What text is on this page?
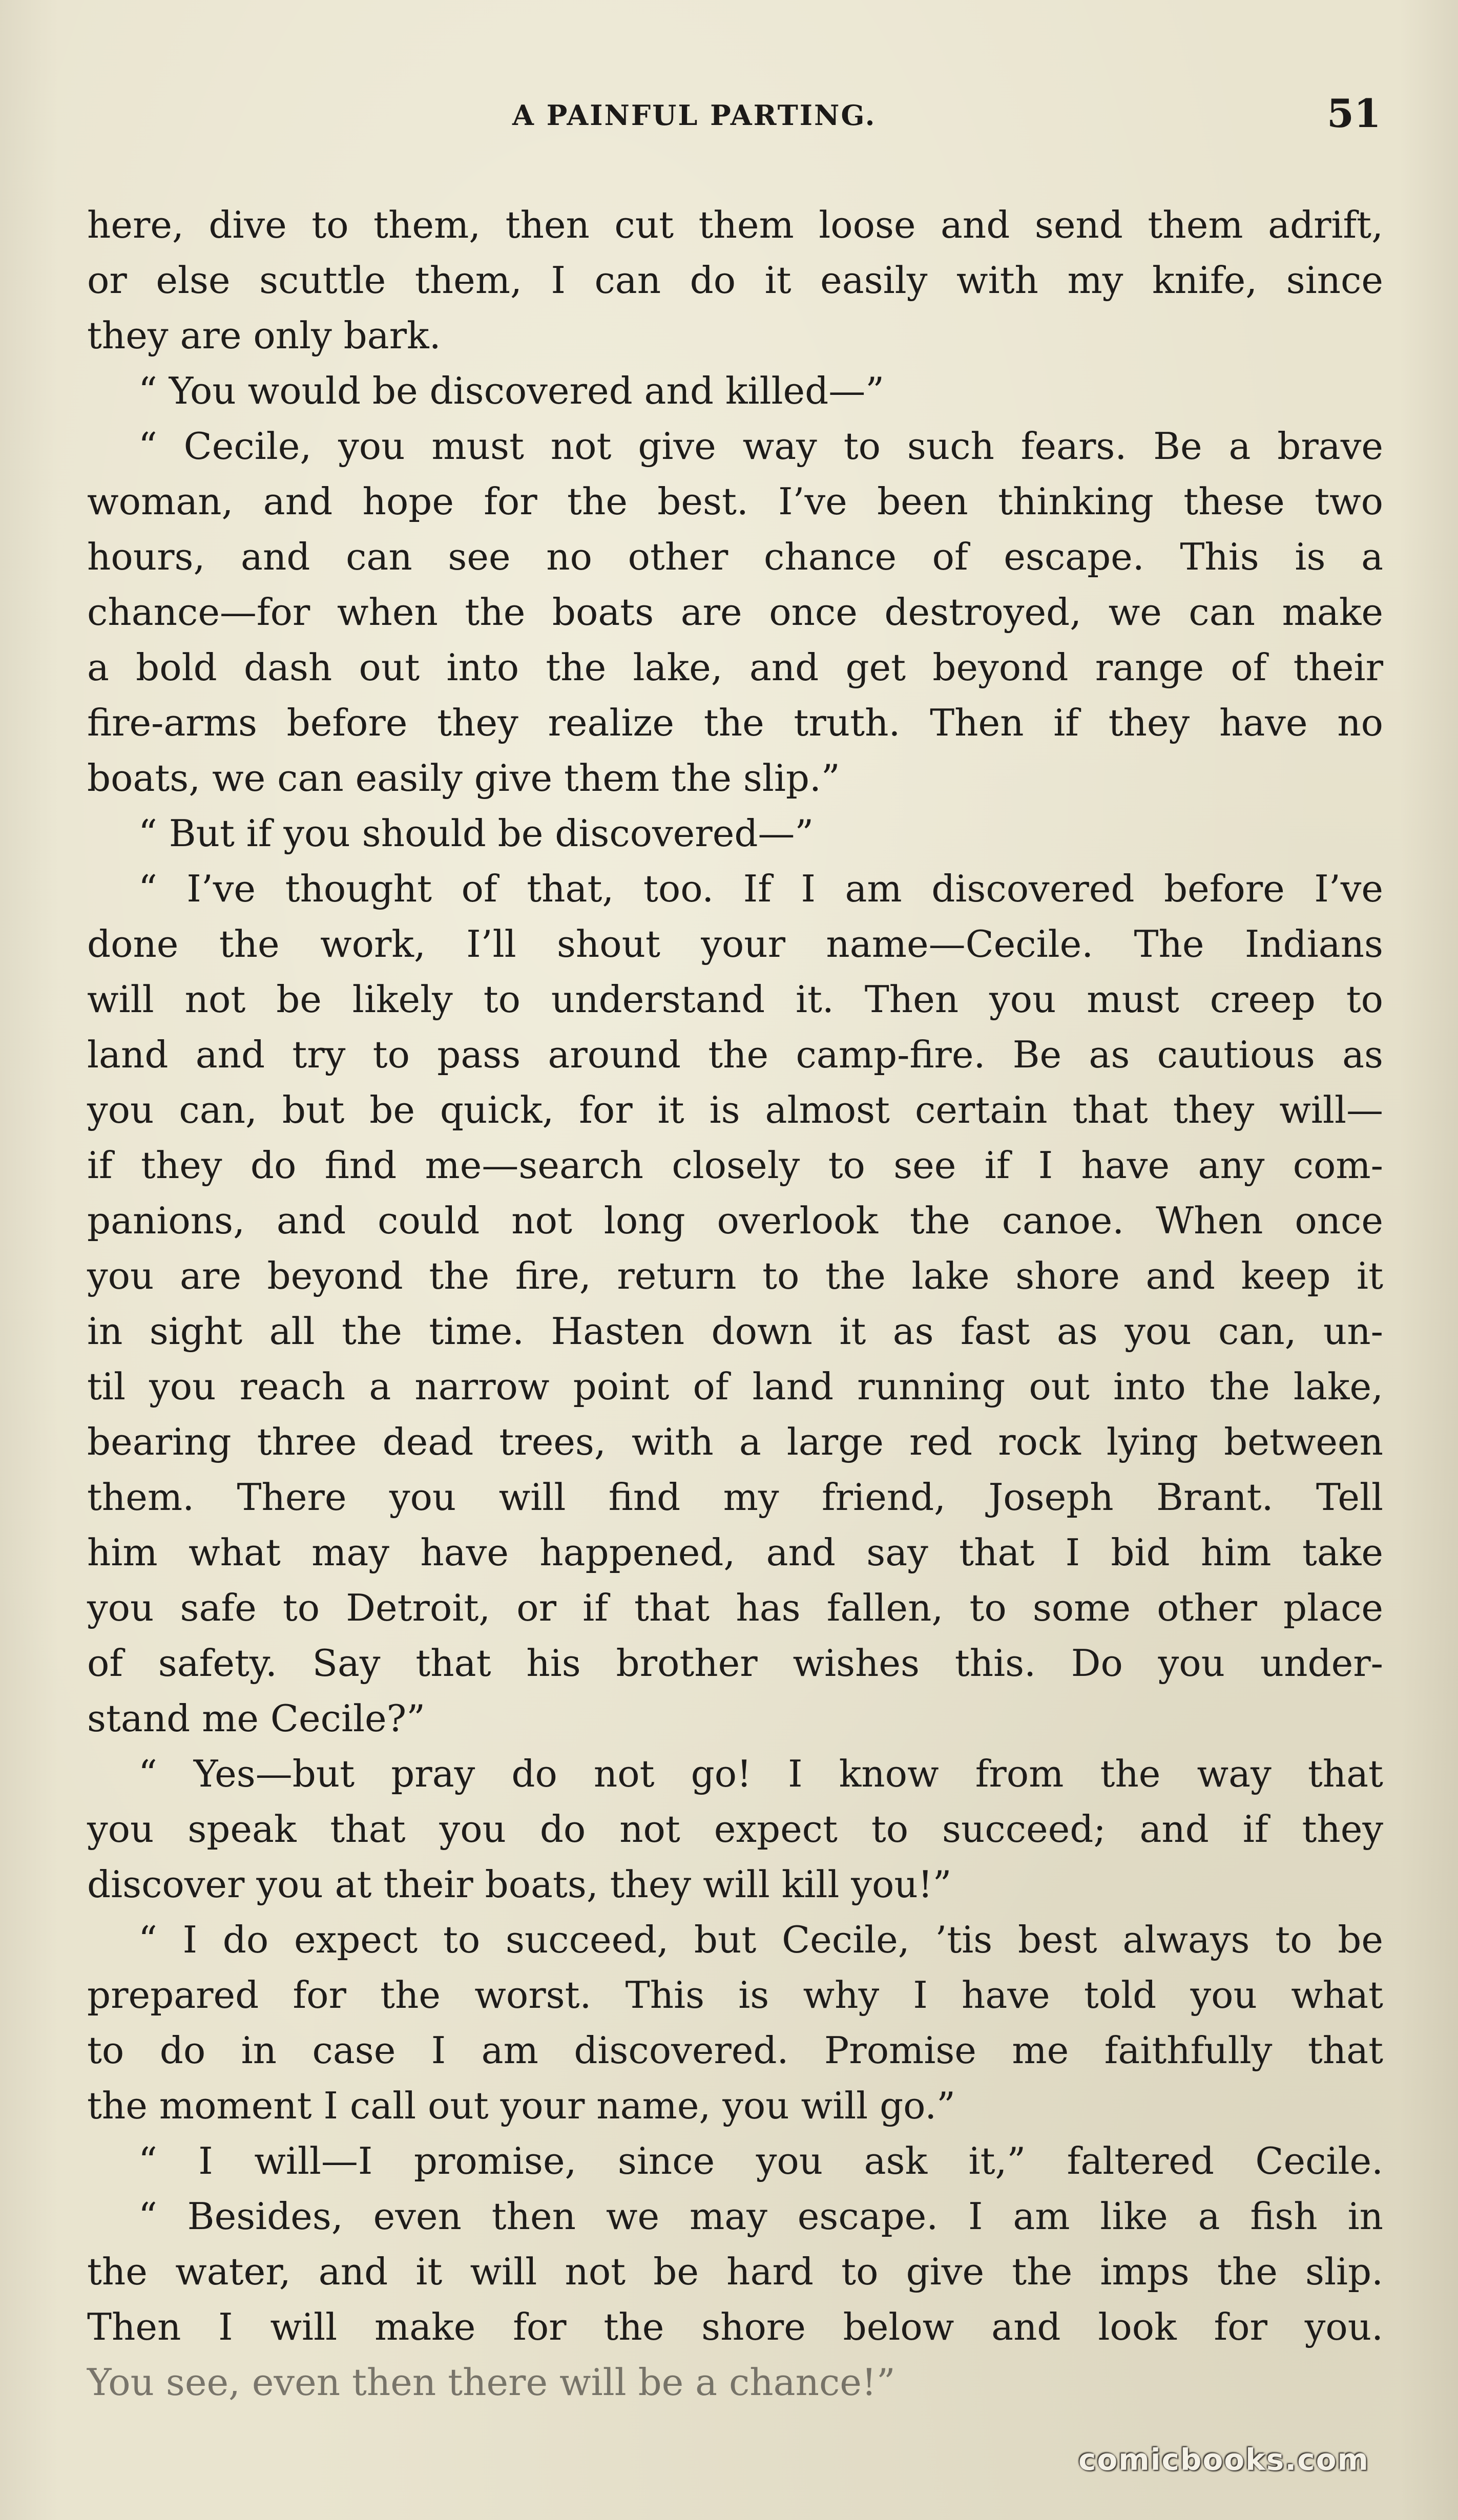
A PAINFUL PARTING.	51
here, dive to them, then cut them loose and send them adrift,
or else scuttle them, I can do it easily with my knife, since
they are only bark.
“ You would be discovered and killed—”
“ Cecile, you must not give way to such fears. Be a brave
woman, and hope for the best. I’ve been thinking these two
hours, and can see no other chance of escape. This is a
chance—for when the boats are once destroyed, we can make
a bold dash out into the lake, and get beyond range of their
fire-arms before they realize the truth. Then if they have no
boats, we can easily give them the slip.”
“ But if you should be discovered—”
“ I’ve thought of that, too. If I am discovered before I’ve
done the work, I’ll shout your name—Cecile. The Indians
will not be likely to understand it. Then you must creep to
land and try to pass around the camp-fire. Be as cautious as
you can, but be quick, for it is almost certain that they will—
if they do find me—search closely to see if I have any com-
panions, and could not long overlook the canoe. When once
you are beyond the fire, return to the lake shore and keep it
in sight all the time. Hasten down it as fast as you can, un-
til you reach a narrow point of land running out into the lake,
bearing three dead trees, with a large red rock lying between
them. There you will find my friend, Joseph Brant. Tell
him what may have happened, and say that I bid him take
you safe to Detroit, or if that has fallen, to some other place
of safety. Say that his brother wishes this. Do you under-
stand me Cecile?”
“ Yes—but pray do not go! I know from the way that
you speak that you do not expect to succeed; and if they
discover you at their boats, they will kill you!”
“ I do expect to succeed, but Cecile, ’tis best always to be
prepared for the worst. This is why I have told you what
to do in case I am discovered. Promise me faithfully that
the moment I call out your name, you will go.”
“ I will—I promise, since you ask it,” faltered Cecile.
“ Besides, even then we may escape. I am like a fish in
the water, and it will not be hard to give the imps the slip.
Then I will make for the shore below and look for you.
You see, even then there will be a chance!”
comicbooks.com
